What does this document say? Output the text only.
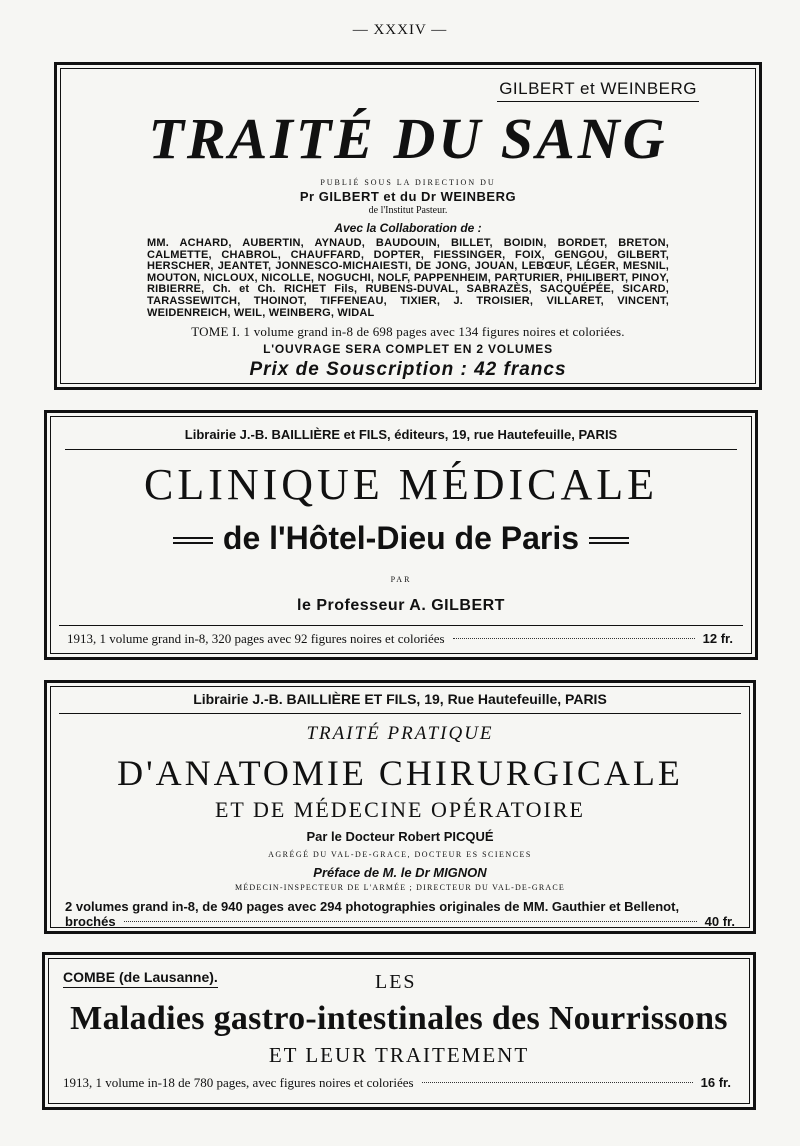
— XXXIV —
GILBERT et WEINBERG
TRAITÉ DU SANG
PUBLIÉ SOUS LA DIRECTION DU
Pr GILBERT et du Dr WEINBERG
de l'Institut Pasteur.
Avec la Collaboration de :
MM. ACHARD, AUBERTIN, AYNAUD, BAUDOUIN, BILLET, BOIDIN, BORDET, BRETON, CALMETTE, CHABROL, CHAUFFARD, DOPTER, FIESSINGER, FOIX, GENGOU, GILBERT, HERSCHER, JEANTET, JONNESCO-MICHAIESTI, DE JONG, JOUAN, LEBŒUF, LÉGER, MESNIL, MOUTON, NICLOUX, NICOLLE, NOGUCHI, NOLF, PAPPENHEIM, PARTURIER, PHILIBERT, PINOY, RIBIERRE, Ch. et Ch. RICHET Fils, RUBENS-DUVAL, SABRAZÈS, SACQUÉPÉE, SICARD, TARASSEWITCH, THOINOT, TIFFENEAU, TIXIER, J. TROISIER, VILLARET, VINCENT, WEIDENREICH, WEIL, WEINBERG, WIDAL
TOME I. 1 volume grand in-8 de 698 pages avec 134 figures noires et coloriées.
L'OUVRAGE SERA COMPLET EN 2 VOLUMES
Prix de Souscription : 42 francs
Librairie J.-B. BAILLIÈRE et FILS, éditeurs, 19, rue Hautefeuille, PARIS
CLINIQUE MÉDICALE
de l'Hôtel-Dieu de Paris
PAR
le Professeur A. GILBERT
1913, 1 volume grand in-8, 320 pages avec 92 figures noires et coloriées	12 fr.
Librairie J.-B. BAILLIÈRE ET FILS, 19, Rue Hautefeuille, PARIS
TRAITÉ PRATIQUE
D'ANATOMIE CHIRURGICALE
ET DE MÉDECINE OPÉRATOIRE
Par le Docteur Robert PICQUÉ
AGRÉGÉ DU VAL-DE-GRACE, DOCTEUR ES SCIENCES
Préface de M. le Dr MIGNON
MÉDECIN-INSPECTEUR DE L'ARMÉE ; DIRECTEUR DU VAL-DE-GRACE
2 volumes grand in-8, de 940 pages avec 294 photographies originales de MM. Gauthier et Bellenot,
brochés	40 fr.
COMBE (de Lausanne).	LES
Maladies gastro-intestinales des Nourrissons
ET LEUR TRAITEMENT
1913, 1 volume in-18 de 780 pages, avec figures noires et coloriées	16 fr.
